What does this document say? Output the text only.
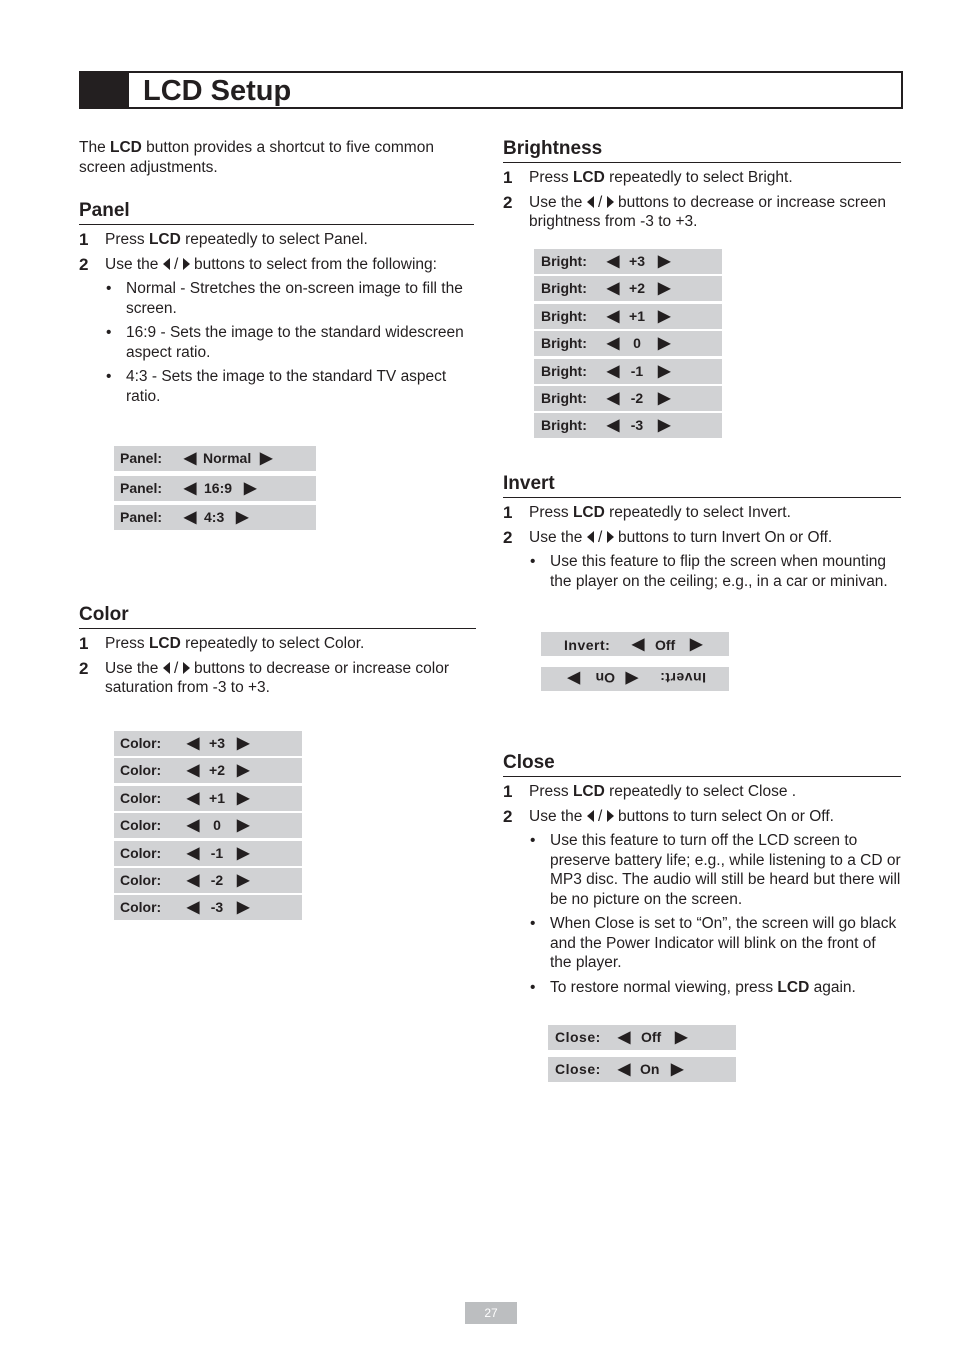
LCD Setup

The LCD button provides a shortcut to five common screen adjustments.

Panel
1 Press LCD repeatedly to select Panel.
2 Use the  /  buttons to select from the following:
• Normal - Stretches the on-screen image to fill the screen.
• 16:9 - Sets the image to the standard widescreen aspect ratio.
• 4:3 - Sets the image to the standard TV aspect ratio.
Panel: ◀ Normal ▶
Panel: ◀ 16:9 ▶
Panel: ◀ 4:3 ▶
Color
1 Press LCD repeatedly to select Color.
2 Use the  /  buttons to decrease or increase color saturation from -3 to +3.
Color: ◀ +3 ▶
Color: ◀ +2 ▶
Color: ◀ +1 ▶
Color: ◀ 0	▶
Color: ◀ -1 ▶
Color: ◀ -2 ▶
Color: ◀ -3 ▶
Brightness
1 Press LCD repeatedly to select Bright.
2 Use the  /  buttons to decrease or increase screen brightness from -3 to +3.
Bright: ◀ +3 ▶
Bright: ◀ +2 ▶
Bright: ◀ +1 ▶
Bright: ◀ 0	▶
Bright: ◀ -1 ▶
Bright: ◀ -2 ▶
Bright: ◀ -3 ▶
Invert
1 Press LCD repeatedly to select Invert.
2 Use the  /  buttons to turn Invert On or Off.
• Use this feature to flip the screen when mounting the player on the ceiling; e.g., in a car or minivan.
Invert: ◀ Off ▶
Invert:
◀
On
▶
Close
1 Press LCD repeatedly to select Close .
2 Use the  /  buttons to turn select On or Off.
• Use this feature to turn off the LCD screen to preserve battery life; e.g., while listening to a CD or MP3 disc. The audio will still be heard but there will be no picture on the screen.
• When Close is set to “On”, the screen will go black and the Power Indicator will blink on the front of the player.
• To restore normal viewing, press LCD again.
Close: ◀ Off ▶
Close: ◀ On ▶
27
